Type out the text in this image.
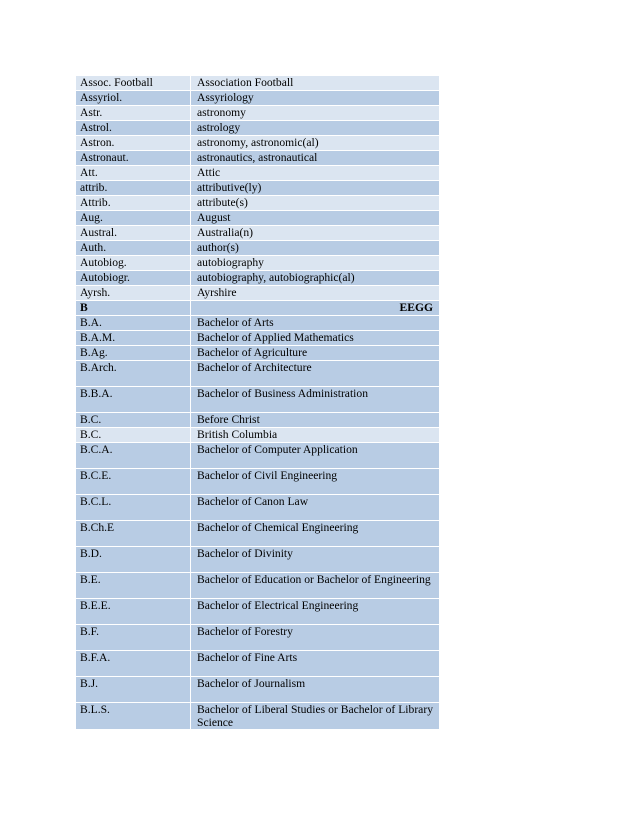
Assoc. Football	Association Football
Assyriol.	Assyriology
Astr.	astronomy
Astrol.	astrology
Astron.	astronomy, astronomic(al)
Astronaut.	astronautics, astronautical
Att.	Attic
attrib.	attributive(ly)
Attrib.	attribute(s)
Aug.	August
Austral.	Australia(n)
Auth.	author(s)
Autobiog.	autobiography
Autobiogr.	autobiography, autobiographic(al)
Ayrsh.	Ayrshire
B	EEGG
B.A.	Bachelor of Arts
B.A.M.	Bachelor of Applied Mathematics
B.Ag.	Bachelor of Agriculture
B.Arch.	Bachelor of Architecture
B.B.A.	Bachelor of Business Administration
B.C.	Before Christ
B.C.	British Columbia
B.C.A.	Bachelor of Computer Application
B.C.E.	Bachelor of Civil Engineering
B.C.L.	Bachelor of Canon Law
B.Ch.E	Bachelor of Chemical Engineering
B.D.	Bachelor of Divinity
B.E.	Bachelor of Education or Bachelor of Engineering
B.E.E.	Bachelor of Electrical Engineering
B.F.	Bachelor of Forestry
B.F.A.	Bachelor of Fine Arts
B.J.	Bachelor of Journalism
B.L.S.	Bachelor of Liberal Studies or Bachelor of Library Science
